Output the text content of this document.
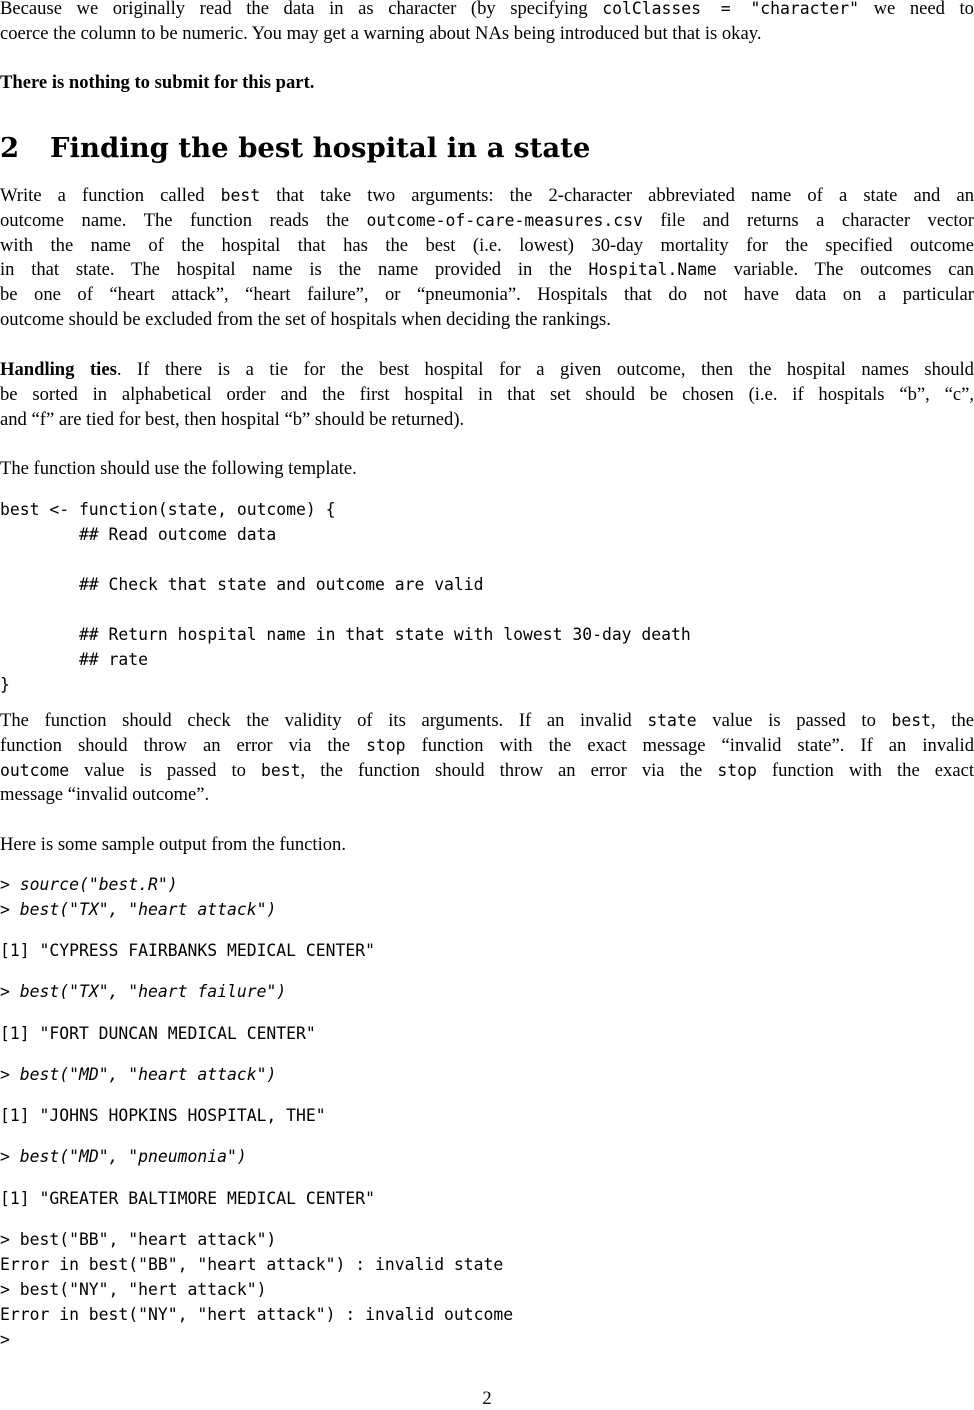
Because we originally read the data in as character (by specifying colClasses = "character" we need to
coerce the column to be numeric. You may get a warning about NAs being introduced but that is okay.
There is nothing to submit for this part.
2 Finding the best hospital in a state
Write a function called best that take two arguments: the 2-character abbreviated name of a state and an
outcome name. The function reads the outcome-of-care-measures.csv file and returns a character vector
with the name of the hospital that has the best (i.e. lowest) 30-day mortality for the specified outcome
in that state. The hospital name is the name provided in the Hospital.Name variable. The outcomes can
be one of “heart attack”, “heart failure”, or “pneumonia”. Hospitals that do not have data on a particular
outcome should be excluded from the set of hospitals when deciding the rankings.
Handling ties. If there is a tie for the best hospital for a given outcome, then the hospital names should
be sorted in alphabetical order and the first hospital in that set should be chosen (i.e. if hospitals “b”, “c”,
and “f” are tied for best, then hospital “b” should be returned).
The function should use the following template.
best <- function(state, outcome) {
## Read outcome data
## Check that state and outcome are valid
## Return hospital name in that state with lowest 30-day death
## rate
}
The function should check the validity of its arguments. If an invalid state value is passed to best, the
function should throw an error via the stop function with the exact message “invalid state”. If an invalid
outcome value is passed to best, the function should throw an error via the stop function with the exact
message “invalid outcome”.
Here is some sample output from the function.
> source("best.R")
> best("TX", "heart attack")
[1] "CYPRESS FAIRBANKS MEDICAL CENTER"
> best("TX", "heart failure")
[1] "FORT DUNCAN MEDICAL CENTER"
> best("MD", "heart attack")
[1] "JOHNS HOPKINS HOSPITAL, THE"
> best("MD", "pneumonia")
[1] "GREATER BALTIMORE MEDICAL CENTER"
> best("BB", "heart attack")
Error in best("BB", "heart attack") : invalid state
> best("NY", "hert attack")
Error in best("NY", "hert attack") : invalid outcome
>
2
